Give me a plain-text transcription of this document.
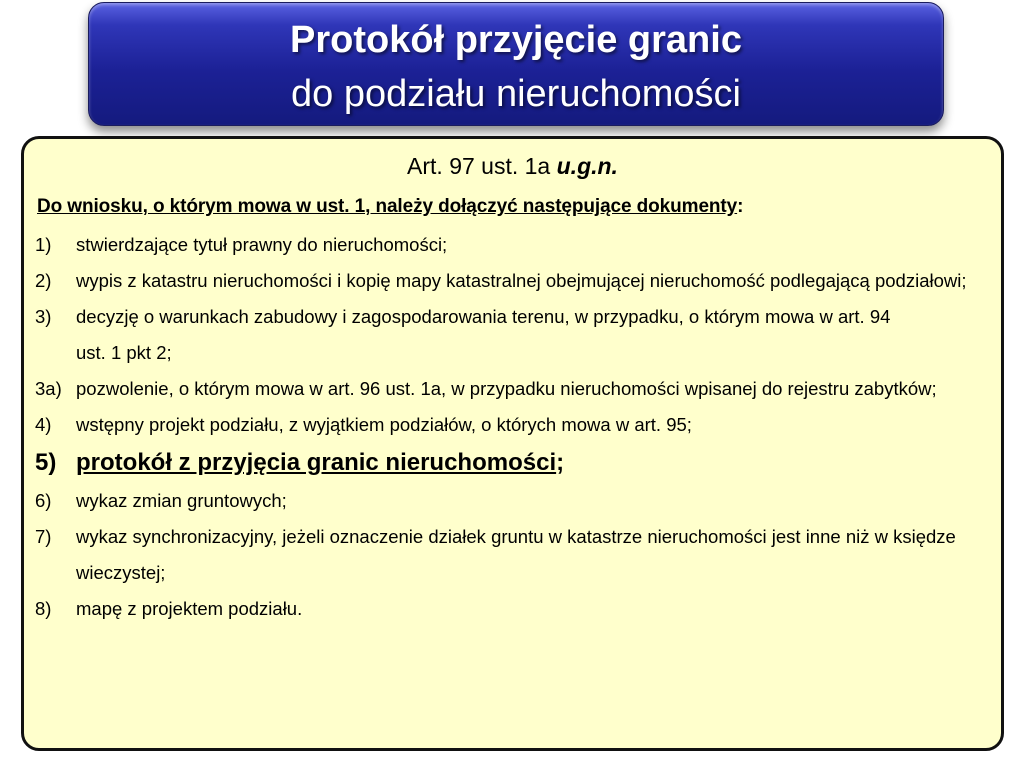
Protokół przyjęcie granic
do podziału nieruchomości
Art. 97 ust. 1a u.g.n.
Do wniosku, o którym mowa w ust. 1, należy dołączyć następujące dokumenty:
1) stwierdzające tytuł prawny do nieruchomości;
2) wypis z katastru nieruchomości i kopię mapy katastralnej obejmującej nieruchomość podlegającą podziałowi;
3) decyzję o warunkach zabudowy i zagospodarowania terenu, w przypadku, o którym mowa w art. 94 ust. 1 pkt 2;
3a) pozwolenie, o którym mowa w art. 96 ust. 1a, w przypadku nieruchomości wpisanej do rejestru zabytków;
4) wstępny projekt podziału, z wyjątkiem podziałów, o których mowa w art. 95;
5) protokół z przyjęcia granic nieruchomości;
6) wykaz zmian gruntowych;
7) wykaz synchronizacyjny, jeżeli oznaczenie działek gruntu w katastrze nieruchomości jest inne niż w księdze wieczystej;
8) mapę z projektem podziału.
